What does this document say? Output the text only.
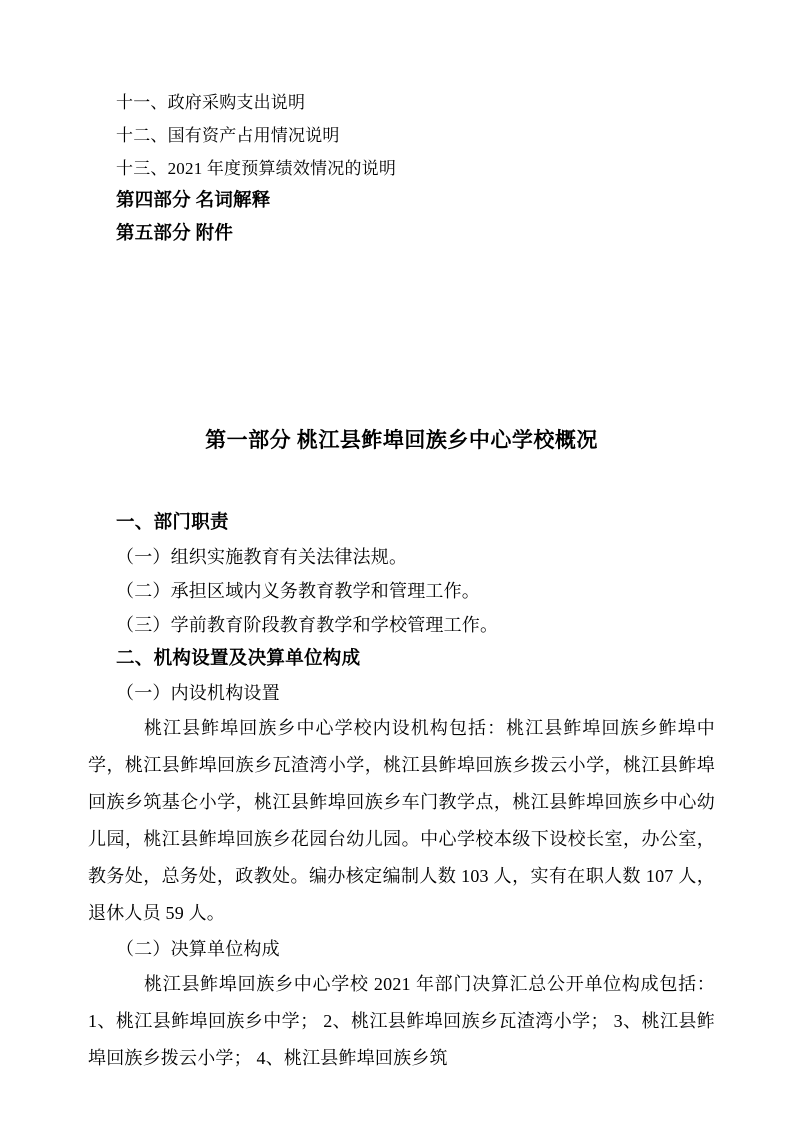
十一、政府采购支出说明
十二、国有资产占用情况说明
十三、2021 年度预算绩效情况的说明
第四部分 名词解释
第五部分 附件
第一部分 桃江县鲊埠回族乡中心学校概况
一、部门职责
（一）组织实施教育有关法律法规。
（二）承担区域内义务教育教学和管理工作。
（三）学前教育阶段教育教学和学校管理工作。
二、机构设置及决算单位构成
（一）内设机构设置
桃江县鲊埠回族乡中心学校内设机构包括：桃江县鲊埠回族乡鲊埠中学，桃江县鲊埠回族乡瓦渣湾小学，桃江县鲊埠回族乡拨云小学，桃江县鲊埠回族乡筑基仑小学，桃江县鲊埠回族乡车门教学点，桃江县鲊埠回族乡中心幼儿园，桃江县鲊埠回族乡花园台幼儿园。中心学校本级下设校长室，办公室，教务处，总务处，政教处。编办核定编制人数 103 人，实有在职人数 107 人，退休人员 59 人。
（二）决算单位构成
桃江县鲊埠回族乡中心学校 2021 年部门决算汇总公开单位构成包括：1、桃江县鲊埠回族乡中学； 2、桃江县鲊埠回族乡瓦渣湾小学； 3、桃江县鲊埠回族乡拨云小学； 4、桃江县鲊埠回族乡筑
